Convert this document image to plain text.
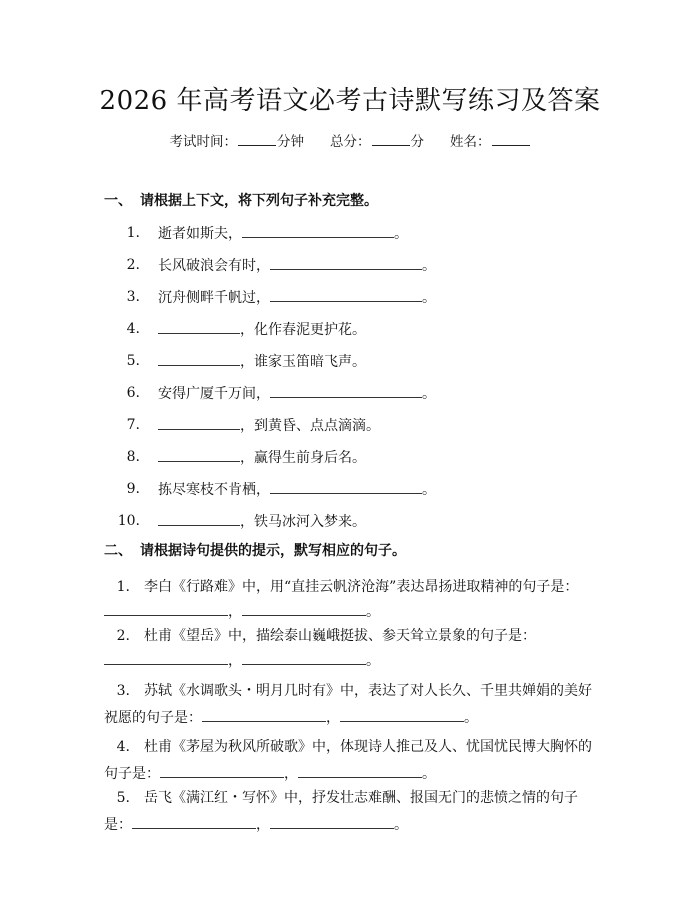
2026 年高考语文必考古诗默写练习及答案
考试时间：	分钟 总分：	分 姓名：
一、 请根据上下文，将下列句子补充完整。
1. 逝者如斯夫，	。
2. 长风破浪会有时，	。
3. 沉舟侧畔千帆过，	。
4.	，化作春泥更护花。
5.	，谁家玉笛暗飞声。
6. 安得广厦千万间，	。
7.	，到黄昏、点点滴滴。
8.	，赢得生前身后名。
9. 拣尽寒枝不肯栖，	。
10.	，铁马冰河入梦来。
二、 请根据诗句提供的提示，默写相应的句子。
1. 李白《行路难》中，用“直挂云帆济沧海”表达昂扬进取精神的句子是：
，	。
2. 杜甫《望岳》中，描绘泰山巍峨挺拔、参天耸立景象的句子是：
，	。
3. 苏轼《水调歌头・明月几时有》中，表达了对人长久、千里共婵娟的美好
祝愿的句子是：	，	。
4. 杜甫《茅屋为秋风所破歌》中，体现诗人推己及人、忧国忧民博大胸怀的
句子是：	，	。
5. 岳飞《满江红・写怀》中，抒发壮志难酬、报国无门的悲愤之情的句子
是：	，	。
